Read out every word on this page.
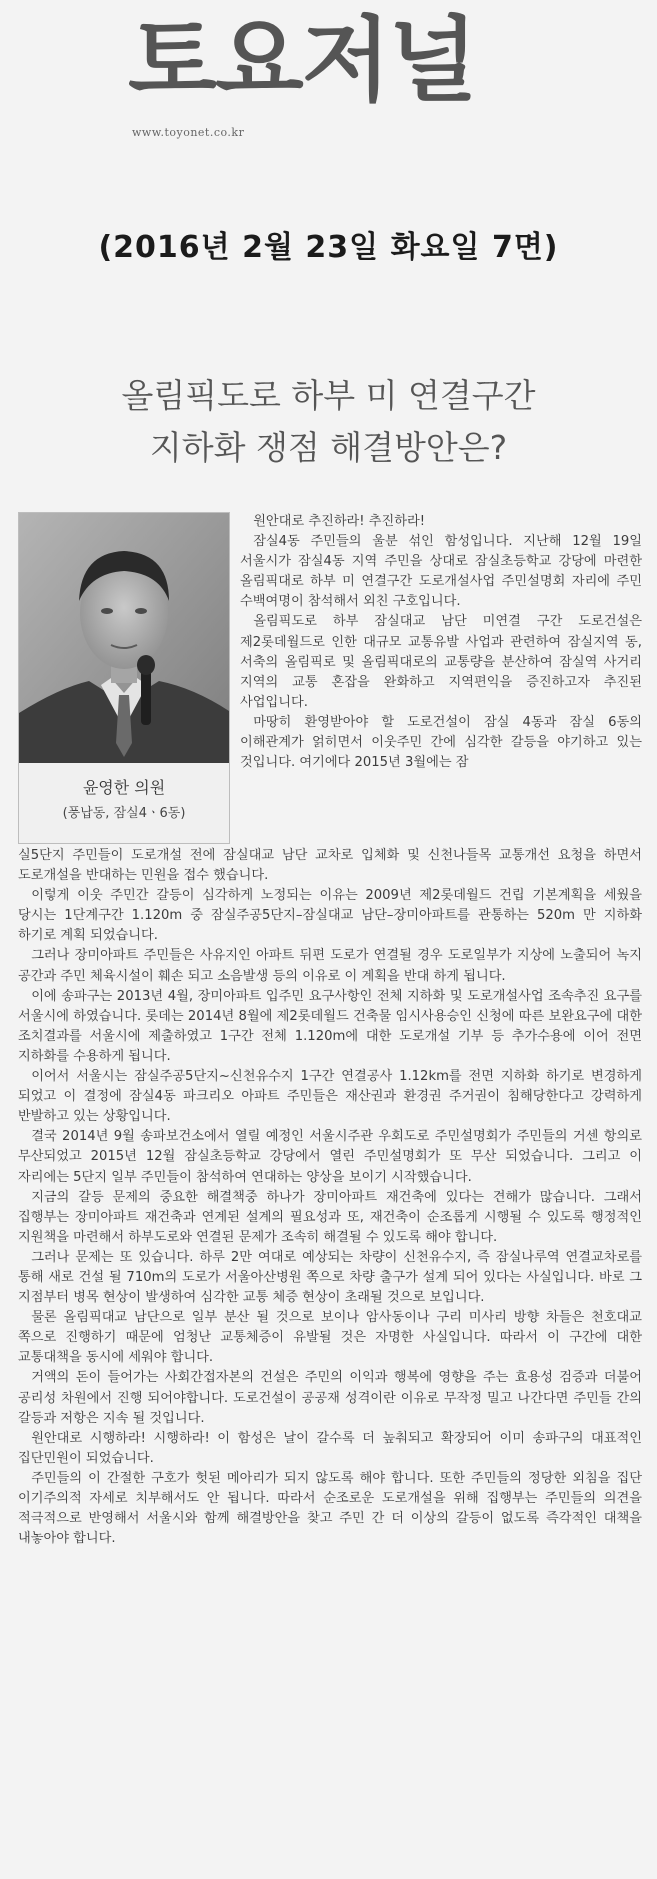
토요저널
www.toyonet.co.kr
(2016년 2월 23일 화요일 7면)
올림픽도로 하부 미 연결구간
지하화 쟁점 해결방안은?
윤영한 의원
(풍납동, 잠실4ㆍ6동)
원안대로 추진하라! 추진하라!
잠실4동 주민들의 울분 섞인 함성입니다. 지난해 12월 19일 서울시가 잠실4동 지역 주민을 상대로 잠실초등학교 강당에 마련한 올림픽대로 하부 미 연결구간 도로개설사업 주민설명회 자리에 주민 수백여명이 참석해서 외친 구호입니다.
올림픽도로 하부 잠실대교 남단 미연결 구간 도로건설은 제2롯데월드로 인한 대규모 교통유발 사업과 관련하여 잠실지역 동, 서축의 올림픽로 및 올림픽대로의 교통량을 분산하여 잠실역 사거리 지역의 교통 혼잡을 완화하고 지역편익을 증진하고자 추진된 사업입니다.
마땅히 환영받아야 할 도로건설이 잠실 4동과 잠실 6동의 이해관계가 얽히면서 이웃주민 간에 심각한 갈등을 야기하고 있는 것입니다. 여기에다 2015년 3월에는 잠
실5단지 주민들이 도로개설 전에 잠실대교 남단 교차로 입체화 및 신천나들목 교통개선 요청을 하면서 도로개설을 반대하는 민원을 접수 했습니다.
이렇게 이웃 주민간 갈등이 심각하게 노정되는 이유는 2009년 제2롯데월드 건립 기본계획을 세웠을 당시는 1단계구간 1.120m 중 잠실주공5단지–잠실대교 남단–장미아파트를 관통하는 520m 만 지하화 하기로 계획 되었습니다.
그러나 장미아파트 주민들은 사유지인 아파트 뒤편 도로가 연결될 경우 도로일부가 지상에 노출되어 녹지 공간과 주민 체육시설이 훼손 되고 소음발생 등의 이유로 이 계획을 반대 하게 됩니다.
이에 송파구는 2013년 4월, 장미아파트 입주민 요구사항인 전체 지하화 및 도로개설사업 조속추진 요구를 서울시에 하였습니다. 롯데는 2014년 8월에 제2롯데월드 건축물 임시사용승인 신청에 따른 보완요구에 대한 조치결과를 서울시에 제출하였고 1구간 전체 1.120m에 대한 도로개설 기부 등 추가수용에 이어 전면 지하화를 수용하게 됩니다.
이어서 서울시는 잠실주공5단지~신천유수지 1구간 연결공사 1.12km를 전면 지하화 하기로 변경하게 되었고 이 결정에 잠실4동 파크리오 아파트 주민들은 재산권과 환경권 주거권이 침해당한다고 강력하게 반발하고 있는 상황입니다.
결국 2014년 9월 송파보건소에서 열릴 예정인 서울시주관 우회도로 주민설명회가 주민들의 거센 항의로 무산되었고 2015년 12월 잠실초등학교 강당에서 열린 주민설명회가 또 무산 되었습니다. 그리고 이 자리에는 5단지 일부 주민들이 참석하여 연대하는 양상을 보이기 시작했습니다.
지금의 갈등 문제의 중요한 해결책중 하나가 장미아파트 재건축에 있다는 견해가 많습니다. 그래서 집행부는 장미아파트 재건축과 연계된 설계의 필요성과 또, 재건축이 순조롭게 시행될 수 있도록 행정적인 지원책을 마련해서 하부도로와 연결된 문제가 조속히 해결될 수 있도록 해야 합니다.
그러나 문제는 또 있습니다. 하루 2만 여대로 예상되는 차량이 신천유수지, 즉 잠실나루역 연결교차로를 통해 새로 건설 될 710m의 도로가 서울아산병원 쪽으로 차량 출구가 설계 되어 있다는 사실입니다. 바로 그 지점부터 병목 현상이 발생하여 심각한 교통 체증 현상이 초래될 것으로 보입니다.
물론 올림픽대교 남단으로 일부 분산 될 것으로 보이나 암사동이나 구리 미사리 방향 차들은 천호대교 쪽으로 진행하기 때문에 엄청난 교통체증이 유발될 것은 자명한 사실입니다. 따라서 이 구간에 대한 교통대책을 동시에 세워야 합니다.
거액의 돈이 들어가는 사회간접자본의 건설은 주민의 이익과 행복에 영향을 주는 효용성 검증과 더불어 공리성 차원에서 진행 되어야합니다. 도로건설이 공공재 성격이란 이유로 무작정 밀고 나간다면 주민들 간의 갈등과 저항은 지속 될 것입니다.
원안대로 시행하라! 시행하라! 이 함성은 날이 갈수록 더 높춰되고 확장되어 이미 송파구의 대표적인 집단민원이 되었습니다.
주민들의 이 간절한 구호가 헛된 메아리가 되지 않도록 해야 합니다. 또한 주민들의 정당한 외침을 집단 이기주의적 자세로 치부해서도 안 됩니다. 따라서 순조로운 도로개설을 위해 집행부는 주민들의 의견을 적극적으로 반영해서 서울시와 함께 해결방안을 찾고 주민 간 더 이상의 갈등이 없도록 즉각적인 대책을 내놓아야 합니다.
